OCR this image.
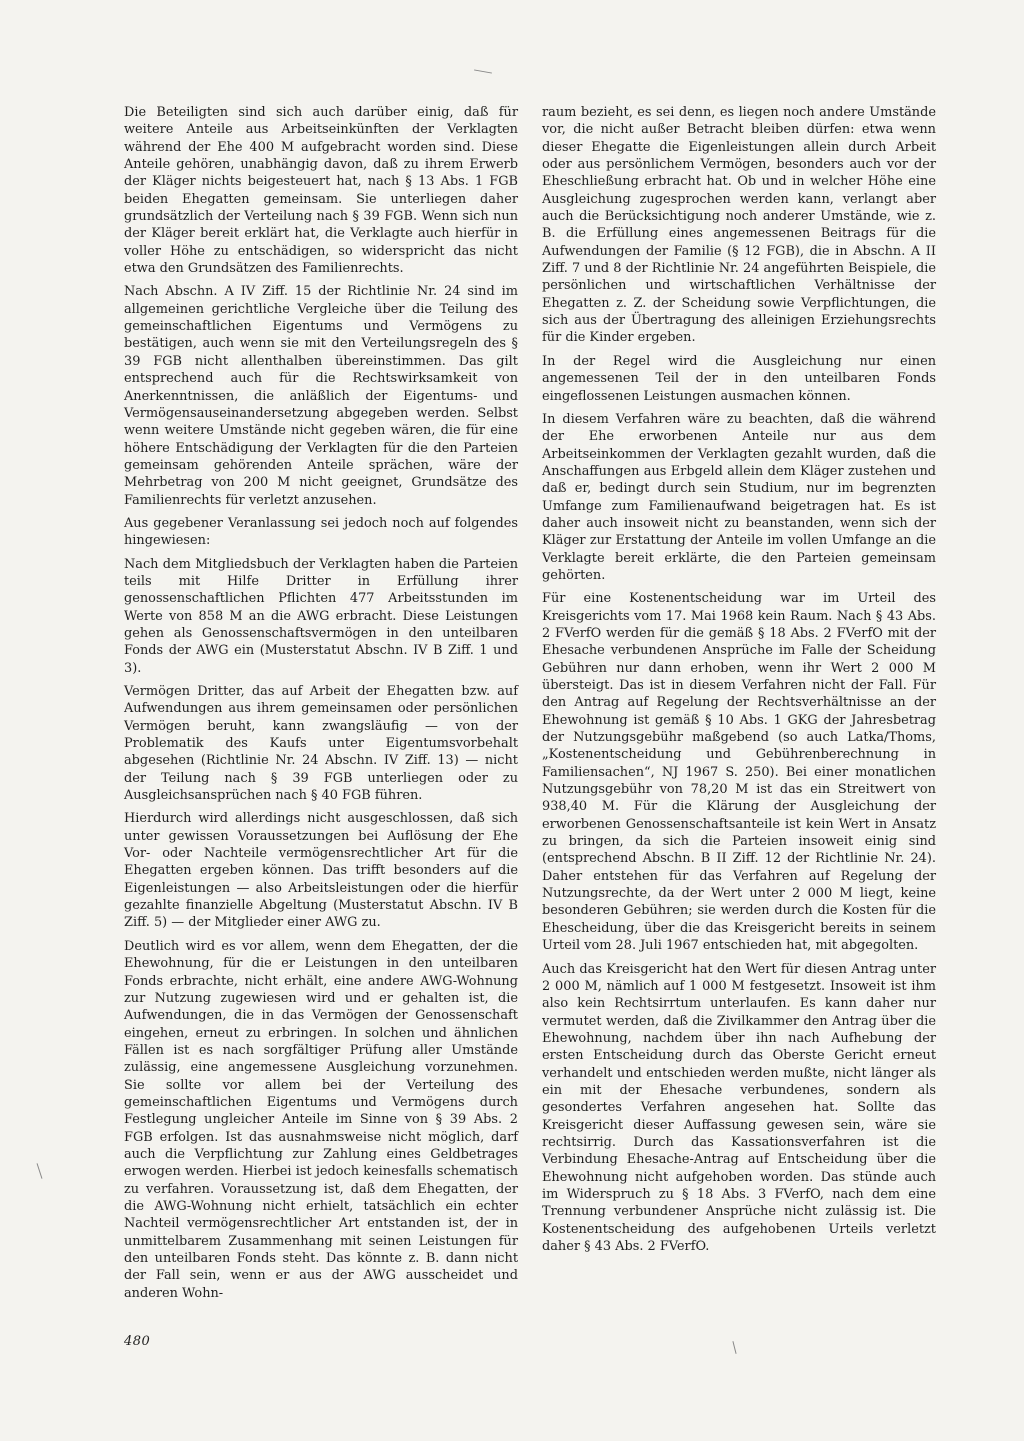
Die Beteiligten sind sich auch darüber einig, daß für weitere Anteile aus Arbeitseinkünften der Verklagten während der Ehe 400 M aufgebracht worden sind. Diese Anteile gehören, unabhängig davon, daß zu ihrem Erwerb der Kläger nichts beigesteuert hat, nach § 13 Abs. 1 FGB beiden Ehegatten gemeinsam. Sie unterliegen daher grundsätzlich der Verteilung nach § 39 FGB. Wenn sich nun der Kläger bereit erklärt hat, die Verklagte auch hierfür in voller Höhe zu entschädigen, so widerspricht das nicht etwa den Grundsätzen des Familienrechts.

Nach Abschn. A IV Ziff. 15 der Richtlinie Nr. 24 sind im allgemeinen gerichtliche Vergleiche über die Teilung des gemeinschaftlichen Eigentums und Vermögens zu bestätigen, auch wenn sie mit den Verteilungsregeln des § 39 FGB nicht allenthalben übereinstimmen. Das gilt entsprechend auch für die Rechtswirksamkeit von Anerkenntnissen, die anläßlich der Eigentums- und Vermögensauseinandersetzung abgegeben werden. Selbst wenn weitere Umstände nicht gegeben wären, die für eine höhere Entschädigung der Verklagten für die den Parteien gemeinsam gehörenden Anteile sprächen, wäre der Mehrbetrag von 200 M nicht geeignet, Grundsätze des Familienrechts für verletzt anzusehen.

Aus gegebener Veranlassung sei jedoch noch auf folgendes hingewiesen:

Nach dem Mitgliedsbuch der Verklagten haben die Parteien teils mit Hilfe Dritter in Erfüllung ihrer genossenschaftlichen Pflichten 477 Arbeitsstunden im Werte von 858 M an die AWG erbracht. Diese Leistungen gehen als Genossenschaftsvermögen in den unteilbaren Fonds der AWG ein (Musterstatut Abschn. IV B Ziff. 1 und 3).

Vermögen Dritter, das auf Arbeit der Ehegatten bzw. auf Aufwendungen aus ihrem gemeinsamen oder persönlichen Vermögen beruht, kann zwangsläufig — von der Problematik des Kaufs unter Eigentumsvorbehalt abgesehen (Richtlinie Nr. 24 Abschn. IV Ziff. 13) — nicht der Teilung nach § 39 FGB unterliegen oder zu Ausgleichsansprüchen nach § 40 FGB führen.

Hierdurch wird allerdings nicht ausgeschlossen, daß sich unter gewissen Voraussetzungen bei Auflösung der Ehe Vor- oder Nachteile vermögensrechtlicher Art für die Ehegatten ergeben können. Das trifft besonders auf die Eigenleistungen — also Arbeitsleistungen oder die hierfür gezahlte finanzielle Abgeltung (Musterstatut Abschn. IV B Ziff. 5) — der Mitglieder einer AWG zu.

Deutlich wird es vor allem, wenn dem Ehegatten, der die Ehewohnung, für die er Leistungen in den unteilbaren Fonds erbrachte, nicht erhält, eine andere AWG-Wohnung zur Nutzung zugewiesen wird und er gehalten ist, die Aufwendungen, die in das Vermögen der Genossenschaft eingehen, erneut zu erbringen. In solchen und ähnlichen Fällen ist es nach sorgfältiger Prüfung aller Umstände zulässig, eine angemessene Ausgleichung vorzunehmen. Sie sollte vor allem bei der Verteilung des gemeinschaftlichen Eigentums und Vermögens durch Festlegung ungleicher Anteile im Sinne von § 39 Abs. 2 FGB erfolgen. Ist das ausnahmsweise nicht möglich, darf auch die Verpflichtung zur Zahlung eines Geldbetrages erwogen werden. Hierbei ist jedoch keinesfalls schematisch zu verfahren. Voraussetzung ist, daß dem Ehegatten, der die AWG-Wohnung nicht erhielt, tatsächlich ein echter Nachteil vermögensrechtlicher Art entstanden ist, der in unmittelbarem Zusammenhang mit seinen Leistungen für den unteilbaren Fonds steht. Das könnte z. B. dann nicht der Fall sein, wenn er aus der AWG ausscheidet und anderen Wohn-

raum bezieht, es sei denn, es liegen noch andere Umstände vor, die nicht außer Betracht bleiben dürfen: etwa wenn dieser Ehegatte die Eigenleistungen allein durch Arbeit oder aus persönlichem Vermögen, besonders auch vor der Eheschließung erbracht hat. Ob und in welcher Höhe eine Ausgleichung zugesprochen werden kann, verlangt aber auch die Berücksichtigung noch anderer Umstände, wie z. B. die Erfüllung eines angemessenen Beitrags für die Aufwendungen der Familie (§ 12 FGB), die in Abschn. A II Ziff. 7 und 8 der Richtlinie Nr. 24 angeführten Beispiele, die persönlichen und wirtschaftlichen Verhältnisse der Ehegatten z. Z. der Scheidung sowie Verpflichtungen, die sich aus der Übertragung des alleinigen Erziehungsrechts für die Kinder ergeben.

In der Regel wird die Ausgleichung nur einen angemessenen Teil der in den unteilbaren Fonds eingeflossenen Leistungen ausmachen können.

In diesem Verfahren wäre zu beachten, daß die während der Ehe erworbenen Anteile nur aus dem Arbeitseinkommen der Verklagten gezahlt wurden, daß die Anschaffungen aus Erbgeld allein dem Kläger zustehen und daß er, bedingt durch sein Studium, nur im begrenzten Umfange zum Familienaufwand beigetragen hat. Es ist daher auch insoweit nicht zu beanstanden, wenn sich der Kläger zur Erstattung der Anteile im vollen Umfange an die Verklagte bereit erklärte, die den Parteien gemeinsam gehörten.

Für eine Kostenentscheidung war im Urteil des Kreisgerichts vom 17. Mai 1968 kein Raum. Nach § 43 Abs. 2 FVerfO werden für die gemäß § 18 Abs. 2 FVerfO mit der Ehesache verbundenen Ansprüche im Falle der Scheidung Gebühren nur dann erhoben, wenn ihr Wert 2 000 M übersteigt. Das ist in diesem Verfahren nicht der Fall. Für den Antrag auf Regelung der Rechtsverhältnisse an der Ehewohnung ist gemäß § 10 Abs. 1 GKG der Jahresbetrag der Nutzungsgebühr maßgebend (so auch Latka/Thoms, „Kostenentscheidung und Gebührenberechnung in Familiensachen“, NJ 1967 S. 250). Bei einer monatlichen Nutzungsgebühr von 78,20 M ist das ein Streitwert von 938,40 M. Für die Klärung der Ausgleichung der erworbenen Genossenschaftsanteile ist kein Wert in Ansatz zu bringen, da sich die Parteien insoweit einig sind (entsprechend Abschn. B II Ziff. 12 der Richtlinie Nr. 24). Daher entstehen für das Verfahren auf Regelung der Nutzungsrechte, da der Wert unter 2 000 M liegt, keine besonderen Gebühren; sie werden durch die Kosten für die Ehescheidung, über die das Kreisgericht bereits in seinem Urteil vom 28. Juli 1967 entschieden hat, mit abgegolten.

Auch das Kreisgericht hat den Wert für diesen Antrag unter 2 000 M, nämlich auf 1 000 M festgesetzt. Insoweit ist ihm also kein Rechtsirrtum unterlaufen. Es kann daher nur vermutet werden, daß die Zivilkammer den Antrag über die Ehewohnung, nachdem über ihn nach Aufhebung der ersten Entscheidung durch das Oberste Gericht erneut verhandelt und entschieden werden mußte, nicht länger als ein mit der Ehesache verbundenes, sondern als gesondertes Verfahren angesehen hat. Sollte das Kreisgericht dieser Auffassung gewesen sein, wäre sie rechtsirrig. Durch das Kassationsverfahren ist die Verbindung Ehesache-Antrag auf Entscheidung über die Ehewohnung nicht aufgehoben worden. Das stünde auch im Widerspruch zu § 18 Abs. 3 FVerfO, nach dem eine Trennung verbundener Ansprüche nicht zulässig ist. Die Kostenentscheidung des aufgehobenen Urteils verletzt daher § 43 Abs. 2 FVerfO.

480
